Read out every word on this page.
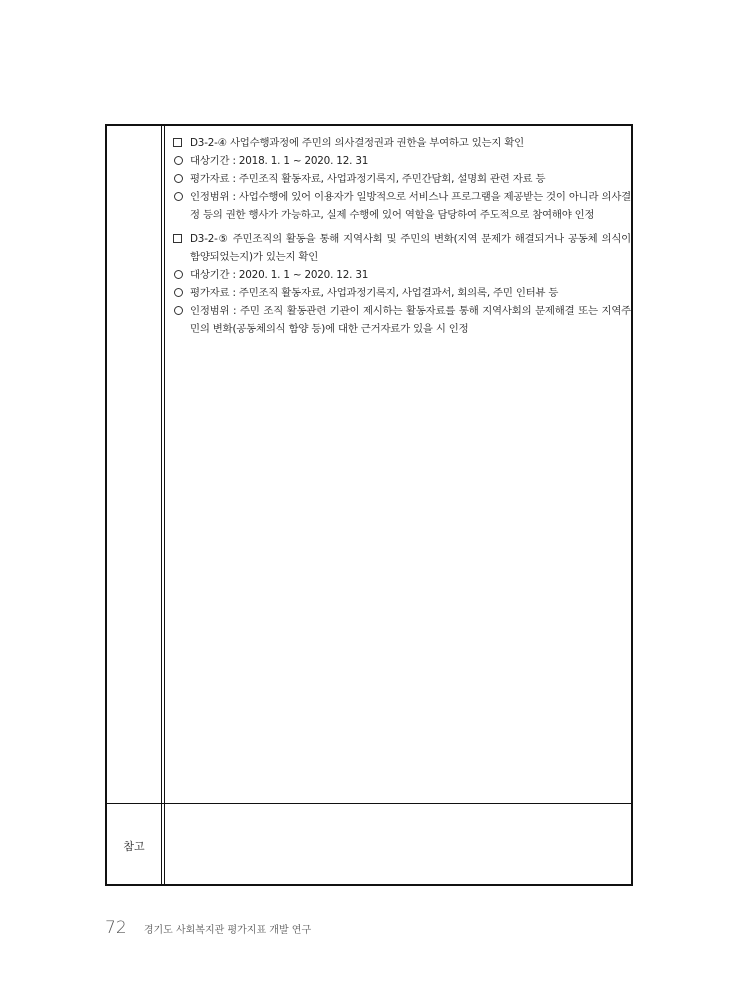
참고
D3-2-④ 사업수행과정에 주민의 의사결정권과 권한을 부여하고 있는지 확인
대상기간 : 2018. 1. 1 ~ 2020. 12. 31
평가자료 : 주민조직 활동자료, 사업과정기록지, 주민간담회, 설명회 관련 자료 등
인정범위 : 사업수행에 있어 이용자가 일방적으로 서비스나 프로그램을 제공받는 것이 아니라 의사결정 등의 권한 행사가 가능하고, 실제 수행에 있어 역할을 담당하여 주도적으로 참여해야 인정
D3-2-⑤ 주민조직의 활동을 통해 지역사회 및 주민의 변화(지역 문제가 해결되거나 공동체 의식이 함양되었는지)가 있는지 확인
대상기간 : 2020. 1. 1 ~ 2020. 12. 31
평가자료 : 주민조직 활동자료, 사업과정기록지, 사업결과서, 회의록, 주민 인터뷰 등
인정범위 : 주민 조직 활동관련 기관이 제시하는 활동자료를 통해 지역사회의 문제해결 또는 지역주민의 변화(공동체의식 함양 등)에 대한 근거자료가 있을 시 인정
72 경기도 사회복지관 평가지표 개발 연구
